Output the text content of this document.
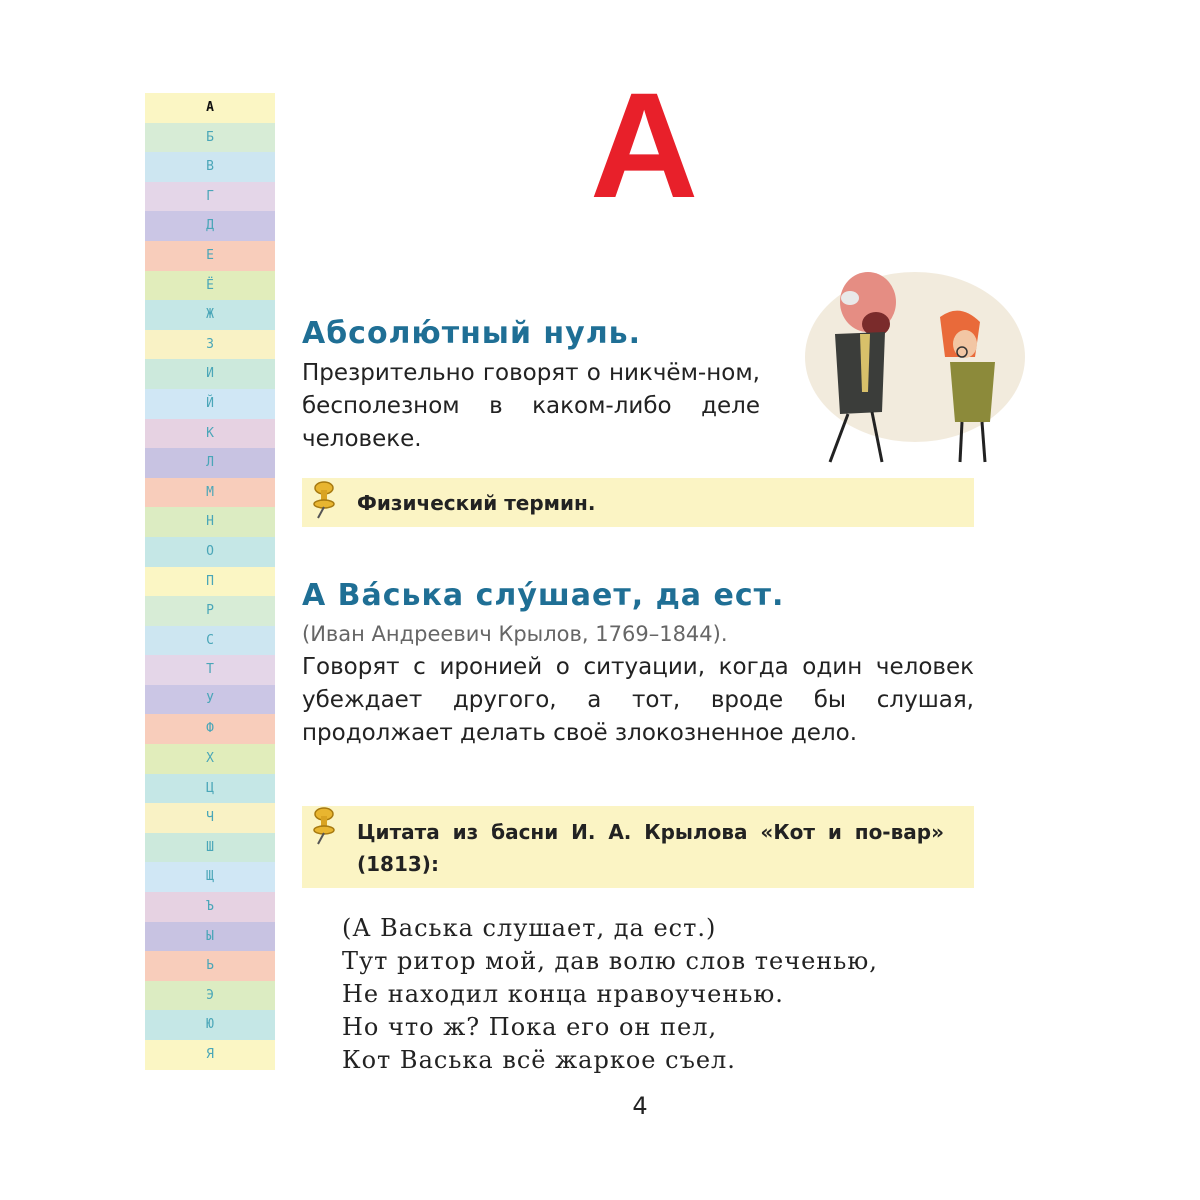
А
Б
В
Г
Д
Е
Ё
Ж
З
И
Й
К
Л
М
Н
О
П
Р
С
Т
У
Ф
Х
Ц
Ч
Ш
Щ
Ъ
Ы
Ь
Э
Ю
Я
А
Абсолю́тный нуль.
Презрительно говорят о никчём-ном, бесполезном в каком-либо деле человеке.
Физический термин.
А Ва́ська слу́шает, да ест.
(Иван Андреевич Крылов, 1769–1844).
Говорят с иронией о ситуации, когда один человек убеждает другого, а тот, вроде бы слушая, продолжает делать своё злокозненное дело.
Цитата из басни И. А. Крылова «Кот и по-вар» (1813):
(А Васька слушает, да ест.)
Тут ритор мой, дав волю слов теченью,
Не находил конца нравоученью.
Но что ж? Пока его он пел,
Кот Васька всё жаркое съел.
4
